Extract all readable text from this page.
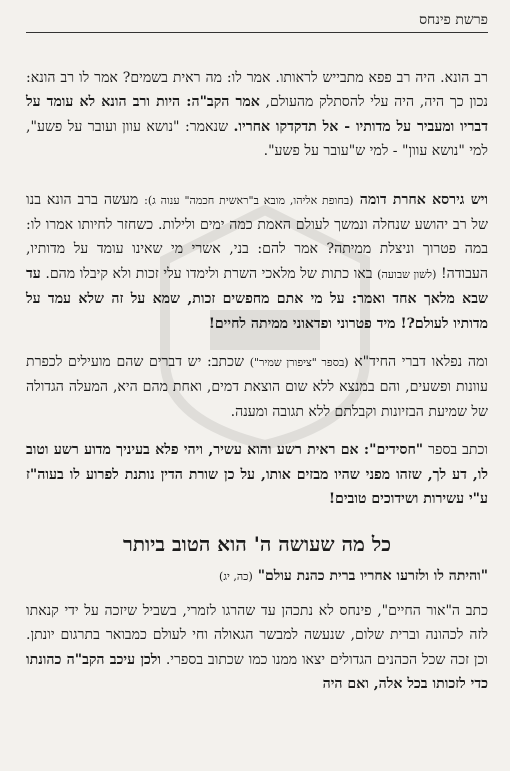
פרשת פינחס

רב הונא. היה רב פפא מתבייש לראותו. אמר לו: מה ראית בשמים? אמר לו רב הונא: נכון כך היה, היה עלי להסתלק מהעולם, אמר הקב"ה: היות ורב הונא לא עומד על דבריו ומעביר על מדותיו - אל תדקדקו אחריו. שנאמר: "נושא עוון ועובר על פשע", למי "נושא עוון" - למי ש"עובר על פשע".

ויש גירסא אחרת דומה (בחופת אליהו, מובא ב"ראשית חכמה" ענוה ג): מעשה ברב הונא בנו של רב יהושע שנחלה ונמשך לעולם האמת כמה ימים ולילות. כשחזר לחיותו אמרו לו: במה פטרוך וניצלת ממיתה? אמר להם: בני, אשרי מי שאינו עומד על מדותיו, העבודה! (לשון שבועה) באו כתות של מלאכי השרת ולימדו עלי זכות ולא קיבלו מהם. עד שבא מלאך אחד ואמר: על מי אתם מחפשים זכות, שמא על זה שלא עמד על מדותיו לעולם?! מיד פטרוני ופדאוני ממיתה לחיים!

ומה נפלאו דברי החיד"א (בספר "ציפורן שמיר") שכתב: יש דברים שהם מועילים לכפרת עוונות ופשעים, והם במנצא ללא שום הוצאת דמים, ואחת מהם היא, המעלה הגדולה של שמיעת הבזיונות וקבלתם ללא תגובה ומענה.

וכתב בספר "חסידים": אם ראית רשע והוא עשיר, ויהי פלא בעיניך מדוע רשע וטוב לו, דע לך, שזהו מפני שהיו מבזים אותו, על כן שורת הדין נותנת לפרוע לו בעוה"ז ע"י עשירות ושידוכים טובים!

כל מה שעושה ה' הוא הטוב ביותר
"והיתה לו ולזרעו אחריו ברית כהנת עולם" (כה, יג)

כתב ה"אור החיים", פינחס לא נתכהן עד שהרגו לזמרי, בשביל שיזכה על ידי קנאתו לזה לכהונה וברית שלום, שנעשה למבשר הגאולה וחי לעולם כמבואר בתרגום יונתן. וכן זכה שכל הכהנים הגדולים יצאו ממנו כמו שכתוב בספרי. ולכן עיכב הקב"ה כהונתו כדי לזכותו בכל אלה, ואם היה
